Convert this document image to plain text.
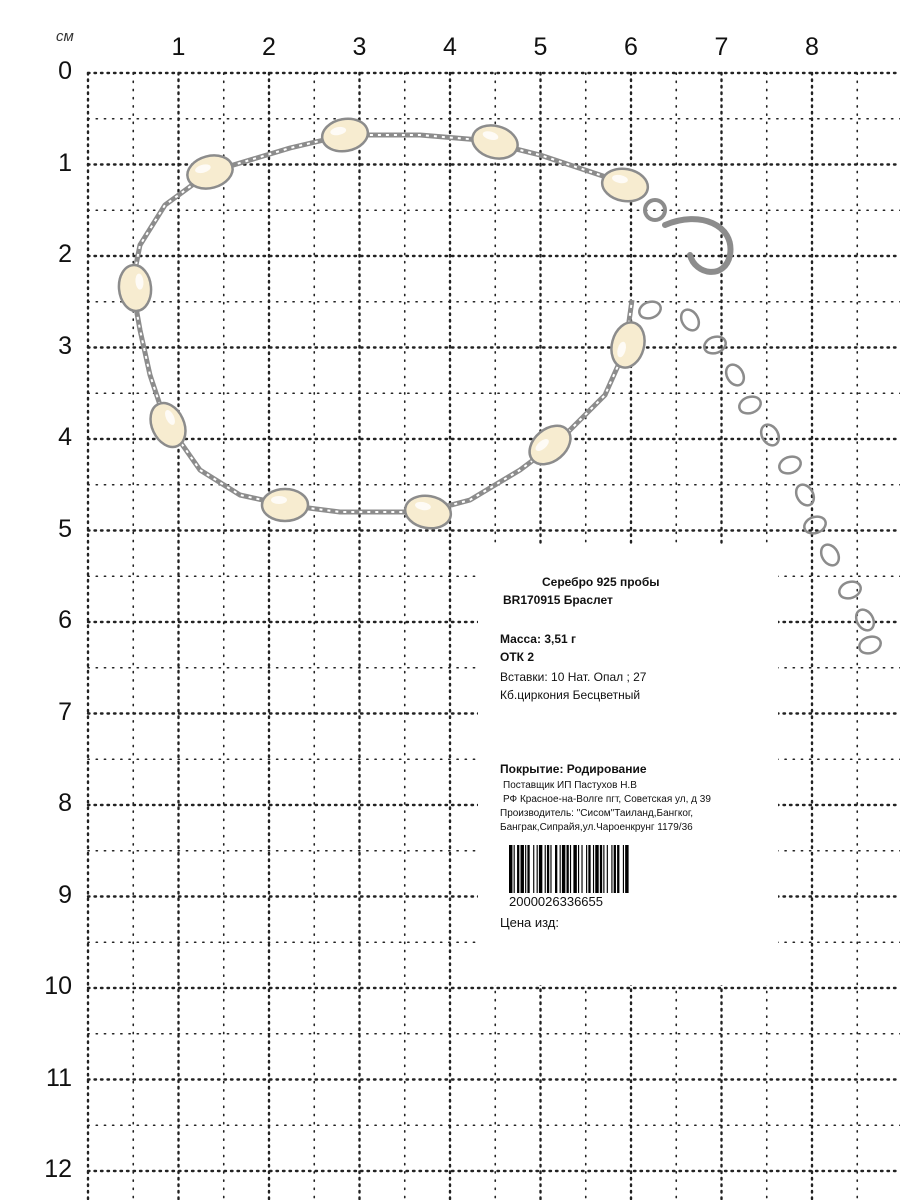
см	1	2	3	4	5	6	7	8
0
1
2
3
4
5
6
7
8
9
10
11
12
Серебро 925 пробы
BR170915 Браслет
Масса: 3,51 г
ОТК 2
Вставки: 10 Нат. Опал ; 27
Кб.циркония Бесцветный
Покрытие: Родирование
Поставщик ИП Пастухов Н.В
РФ Красное-на-Волге пгт, Советская ул, д 39
Производитель: "Сисом"Таиланд,Бангког,
Банграк,Сипрайя,ул.Чароенкрунг 1179/36
2000026336655
Цена изд:
